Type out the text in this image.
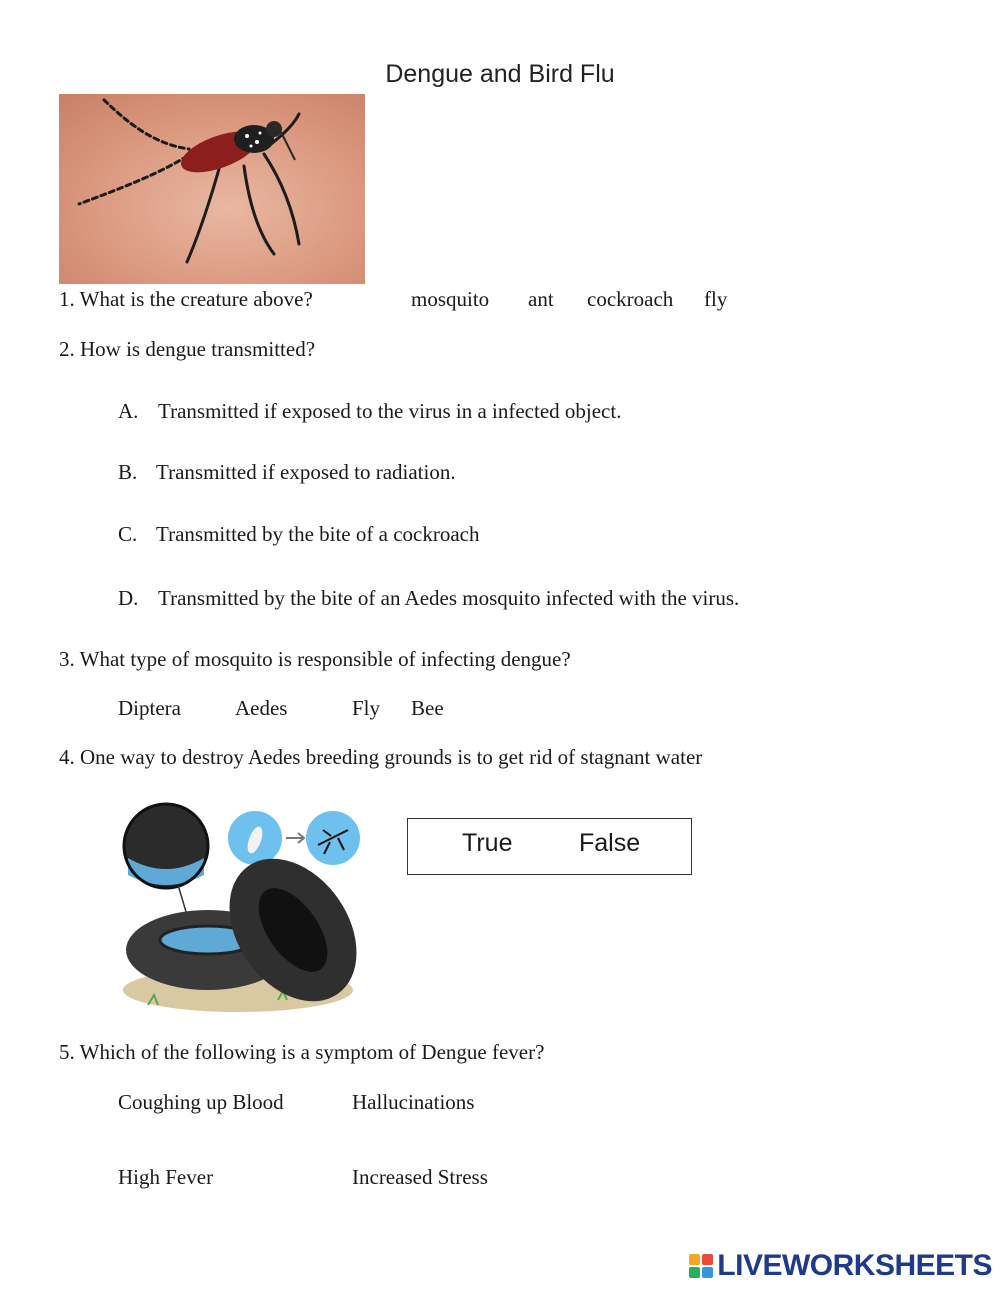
Dengue and Bird Flu
1. What is the creature above?	mosquito ant cockroach fly
2. How is dengue transmitted?
A. Transmitted if exposed to the virus in a infected object.
B. Transmitted if exposed to radiation.
C. Transmitted by the bite of a cockroach
D. Transmitted by the bite of an Aedes mosquito infected with the virus.
3. What type of mosquito is responsible of infecting dengue?
Diptera	Aedes	Fly Bee
4. One way to destroy Aedes breeding grounds is to get rid of stagnant water
True	False
5. Which of the following is a symptom of Dengue fever?
Coughing up Blood	Hallucinations
High Fever	Increased Stress
LIVEWORKSHEETS
